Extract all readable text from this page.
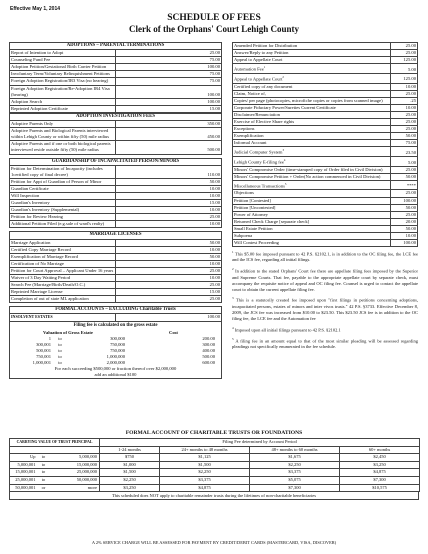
Effective May 1, 2014
SCHEDULE OF FEES
Clerk of the Orphans' Court Lehigh County
ADOPTIONS – PARENTAL TERMINATIONS	
Report of Intention to Adopt	25.00
Counseling Fund Fee	75.00
Adoption Petition/Gestational Birth Carrier Petition	100.00
Involuntary Term/Voluntary Relinquishment Petitions	75.00
Foreign Adoption Registration/IR3 Visa (no hearing)	75.00
Foreign Adoption Registration/Re-Adoption IR4 Visa (hearing)	100.00
Adoption Search	100.00
Reprinted Adoption Certificate	15.00
ADOPTION INVESTIGATION FEES	
Adoptive Parents Only	350.00
Adoptive Parents and Biological Parents interviewed within Lehigh County or within fifty (50) mile radius	450.00
Adoptive Parents and if one or both biological parents interviewed reside outside fifty (50) mile radius	500.00
GUARDIANSHIP OF INCAPACITATED PERSON/MINORS	
Petition for Determination of Incapacity (includes 1certified copy of final decree)	110.00
Petition for Appt of Guardian of Person of Minor	50.00
Guardian Certificate	10.00
Will Inspection	10.00
Guardian's Inventory	15.00
Guardian's Inventory (Supplemental)	10.00
Petition for Review Hearing	25.00
Additional Petition Filed (e.g.sale of ward's realty)	10.00
MARRIAGE LICENSES	
Marriage Application	50.00
Certified Copy Marriage Record	10.00
Exemplification of Marriage Record	50.00
Certification of No Marriage	10.00
Petition for Court Approval – Applicant Under 16 years	25.00
Waiver of 3 Day Waiting Period	10.00
Search Fee (Marriage/Birth/Death/O.C.)	25.00
Reprinted Marriage License	15.00
Completion of out of state ML application	25.00
FORMAL ACCOUNTS – EXCLUDING Charitable Trusts
INSOLVENT ESTATES	100.00
Filing fee is calculated on the gross estate
Valuation of Gross Estate			Cost
1	to	300,000	200.00
300,001	to	750,000	300.00
500,001	to	750,000	400.00
750,001	to	1,000,000	500.00
1,000,001	to	2,000,000	600.00
For each succeeding $500,000 or fraction thereof over $2,000,000
add an additional $100
Amended Petition for Distribution	25.00
Answer/Reply to any Petition	25.00
Appeal to Appellate Court	125.00
Automation Fee$^1$	5.00
Appeal to Appellate Court$^2$	125.00
Certified copy of any document	10.00
Claim, Notice of,	25.00
Copies/ per page (photocopies, microfiche copies or copies from scanned image)	.25
Corporate Fiduciary Power/Sureties Current Certificate	10.00
Disclaimer/Renunciation	25.00
Exercise of Elective Share rights	25.00
Exceptions	25.00
Exemplification	50.00
Informal Account	75.00
Judicial Computer System$^3$	23.50
Lehigh County E-filing fee$^4$	5.00
Minors' Compromise Order (time-stamped copy of Order filed in Civil Division)	25.00
Minors' Compromise Petition + Order(No action commenced in Civil Division)	50.00
Miscellaneous Transactions$^5$	****
Objections	25.00
Petition [Contested]	100.00
Petition [Uncontested]	50.00
Power of Attorney	25.00
Returned Check Charge [separate check]	20.00
Small Estate Petition	50.00
Subpoena	10.00
Will Contest Proceeding	100.00

$^1$ This $5.00 fee imposed pursuant to 42 P.S. §2102.1, is in addition to the OC filing fee, the LCE fee and the ICS fee, regarding all initial filings.

$^2$ In addition to the stated Orphans' Court fee there are appellate filing fees imposed by the Superior and Supreme Courts. That fee, payable to the appropriate appellate court by separate check, must accompany the requisite notice of appeal and OC filing fee. Counsel is urged to contact the appellate court to obtain the current appellate filing fee.

$^3$ This is a statutorily created fee imposed upon "first filings in petitions concerning adoptions, incapacitated persons, estates of minors and inter vivos trusts." 42 P.S. §3733. Effective December 8, 2009, the JCS fee was increased from $10.00 to $23.50. This $23.50 JCS fee is in addition to the OC filing fee, the LCE fee and the Automation fee

$^4$ Imposed upon all initial filings pursuant to 42 P.S. §2102.1

$^5$ A filing fee in an amount equal to that of the most similar pleading will be assessed regarding pleadings not specifically enumerated in the fee schedule.

FORMAL ACCOUNT OF CHARITABLE TRUSTS OR FOUNDATIONS
CARRYING VALUE OF TRUST PRINCIPAL			Filing Fee determined by Account Period			
			1-24 months	24+ months to 48 months	48+ months to 60 months	60+ months
Up	to	5,000,000	$750	$1,125	$1,675	$2,450
5,000,001	to	15,000,000	$1,000	$1,500	$2,250	$3,250
15,000,001	to	25,000,000	$1,500	$2,250	$3,375	$4,875
25,000,001	to	50,000,000	$2,250	$3,375	$5,075	$7,300
50,000,001	or	more	$3,250	$4,875	$7,300	$10,575
This scheduled does NOT apply to charitable remainder trusts during the lifetimes of non-charitable beneficiaries
A 2% SERVICE CHARGE WILL BE ASSESSED FOR PAYMENT BY CREDIT/DEBIT CARDS (MASTERCARD, VISA, DISCOVER)
